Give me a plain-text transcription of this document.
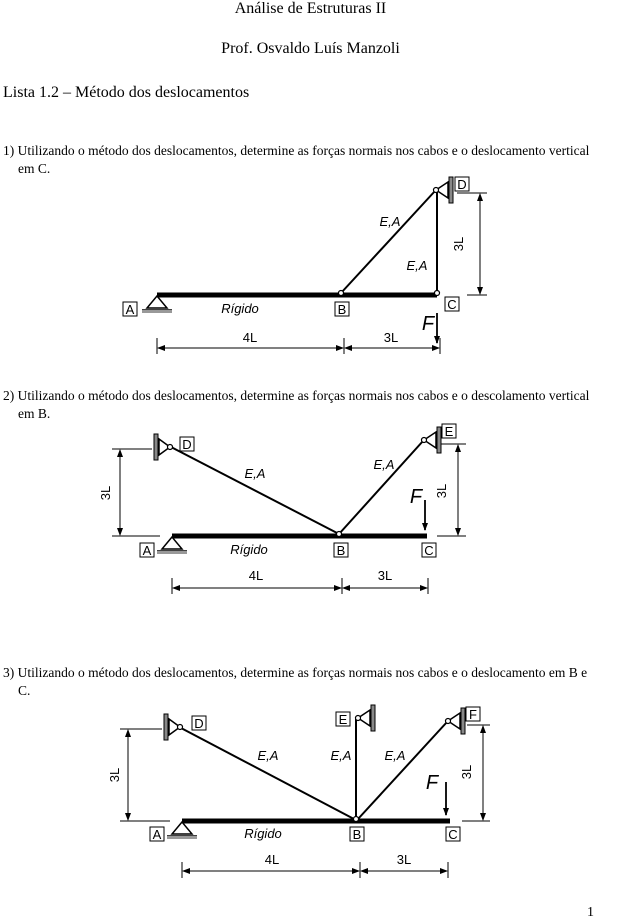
Análise de Estruturas II
Prof. Osvaldo Luís Manzoli
Lista 1.2 – Método dos deslocamentos
1) Utilizando o método dos deslocamentos, determine as forças normais nos cabos e o deslocamento vertical
em C.
2) Utilizando o método dos deslocamentos, determine as forças normais nos cabos e o descolamento vertical
em B.
3) Utilizando o método dos deslocamentos, determine as forças normais nos cabos e o deslocamento em B e
C.
A	B	C
D
Rígido
E,A
E,A
F
4L	3L
3L
A	B	C
D
E
E,A
E,A
Rígido
F
4L	3L
3L	3L
A	B	C
D	E	F
E,A	E,A	E,A
Rígido
F
4L	3L
3L	3L
1
